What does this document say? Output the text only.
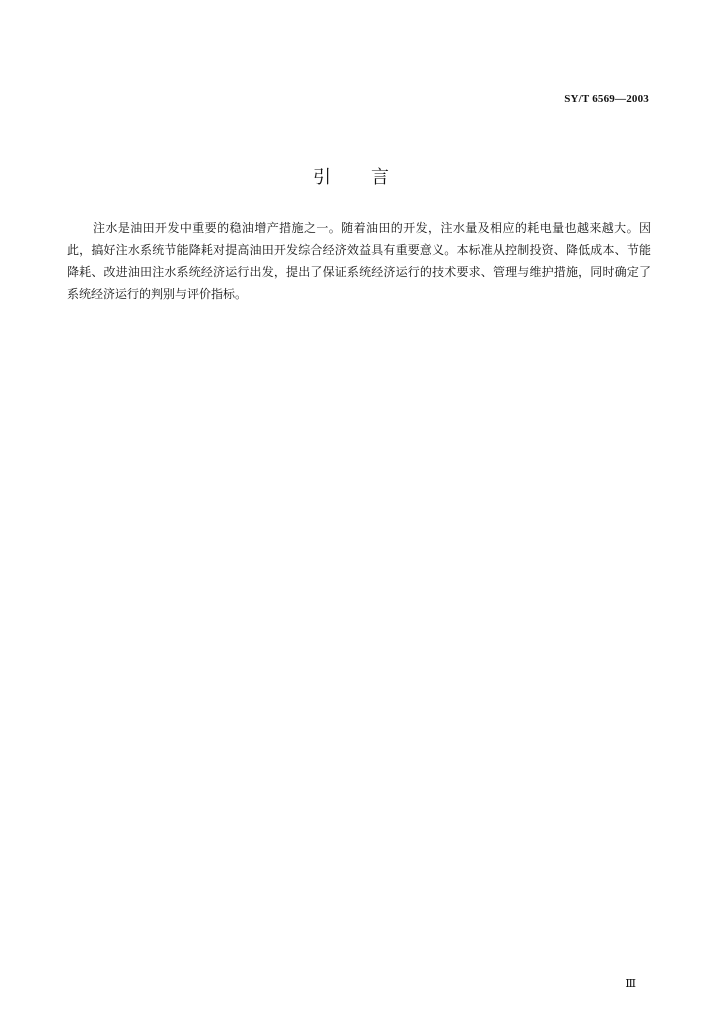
SY/T 6569—2003

引言

注水是油田开发中重要的稳油增产措施之一。随着油田的开发，注水量及相应的耗电量也越来越大。因此，搞好注水系统节能降耗对提高油田开发综合经济效益具有重要意义。本标准从控制投资、降低成本、节能降耗、改进油田注水系统经济运行出发，提出了保证系统经济运行的技术要求、管理与维护措施，同时确定了系统经济运行的判别与评价指标。

Ⅲ
